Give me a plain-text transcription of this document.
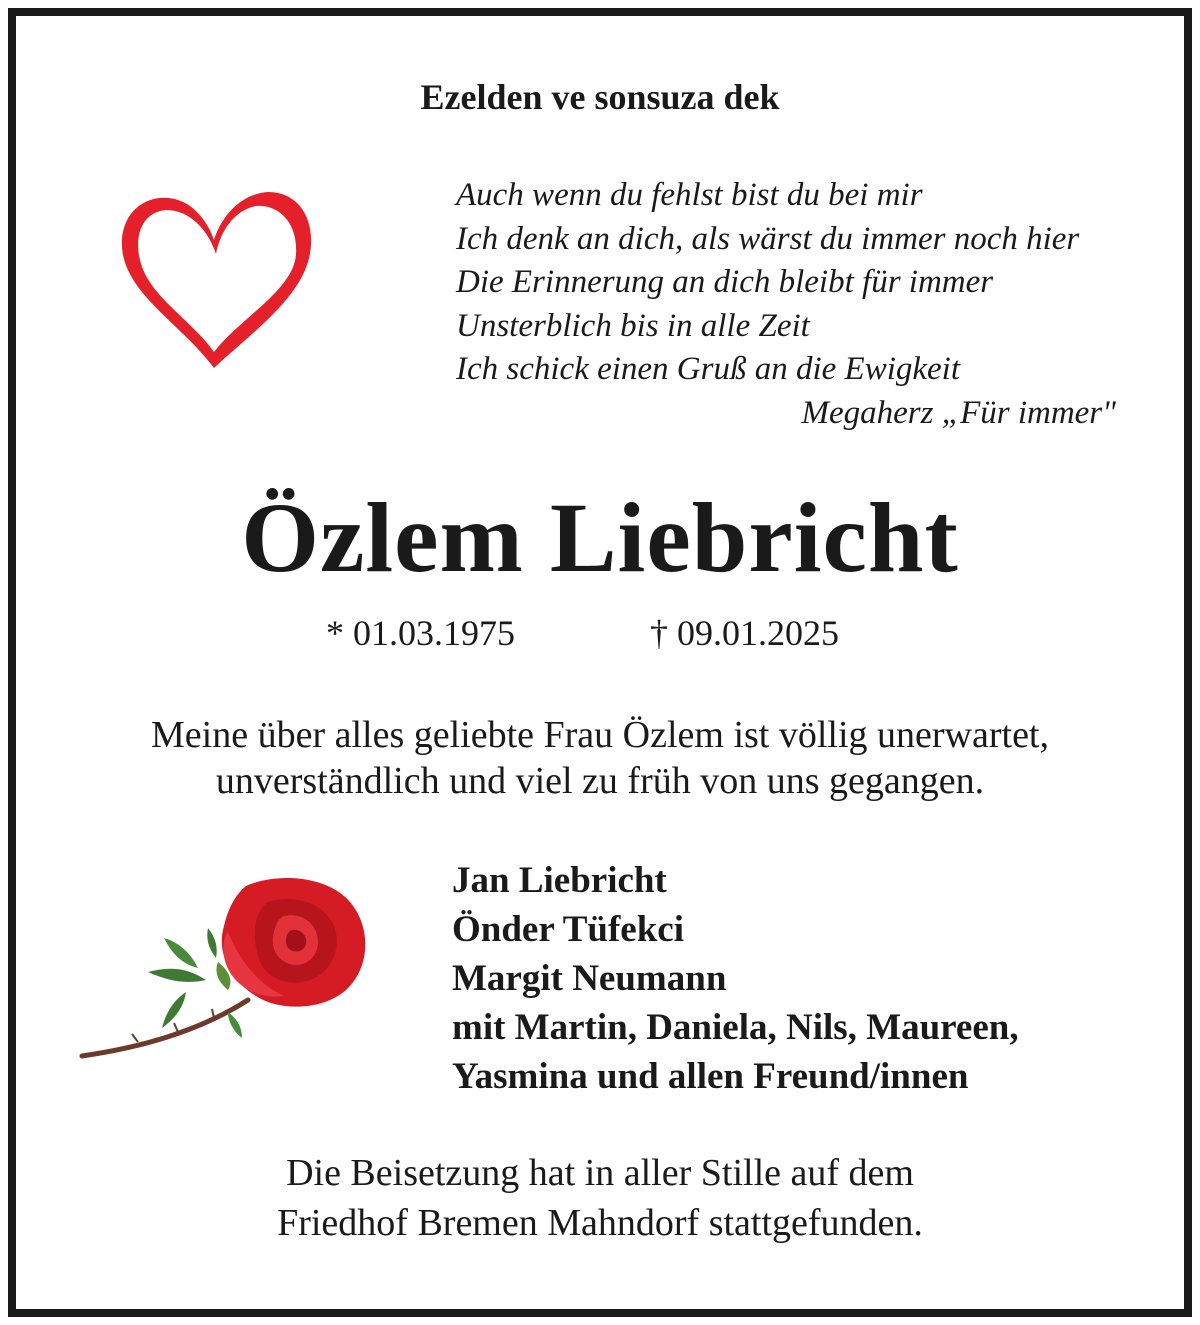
Ezelden ve sonsuza dek
Auch wenn du fehlst bist du bei mir
Ich denk an dich, als wärst du immer noch hier
Die Erinnerung an dich bleibt für immer
Unsterblich bis in alle Zeit
Ich schick einen Gruß an die Ewigkeit
Megaherz „Für immer"
Özlem Liebricht
* 01.03.1975	† 09.01.2025
Meine über alles geliebte Frau Özlem ist völlig unerwartet,
unverständlich und viel zu früh von uns gegangen.
Jan Liebricht
Önder Tüfekci
Margit Neumann
mit Martin, Daniela, Nils, Maureen,
Yasmina und allen Freund/innen
Die Beisetzung hat in aller Stille auf dem
Friedhof Bremen Mahndorf stattgefunden.
